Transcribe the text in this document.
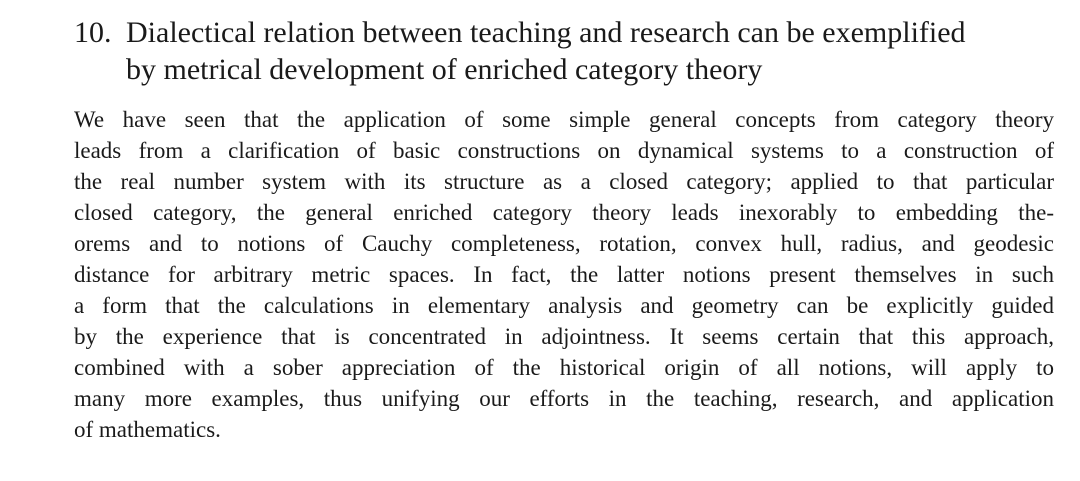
10. Dialectical relation between teaching and research can be exemplified
by metrical development of enriched category theory

We have seen that the application of some simple general concepts from category theory
leads from a clarification of basic constructions on dynamical systems to a construction of
the real number system with its structure as a closed category; applied to that particular
closed category, the general enriched category theory leads inexorably to embedding the-
orems and to notions of Cauchy completeness, rotation, convex hull, radius, and geodesic
distance for arbitrary metric spaces. In fact, the latter notions present themselves in such
a form that the calculations in elementary analysis and geometry can be explicitly guided
by the experience that is concentrated in adjointness. It seems certain that this approach,
combined with a sober appreciation of the historical origin of all notions, will apply to
many more examples, thus unifying our efforts in the teaching, research, and application
of mathematics.
